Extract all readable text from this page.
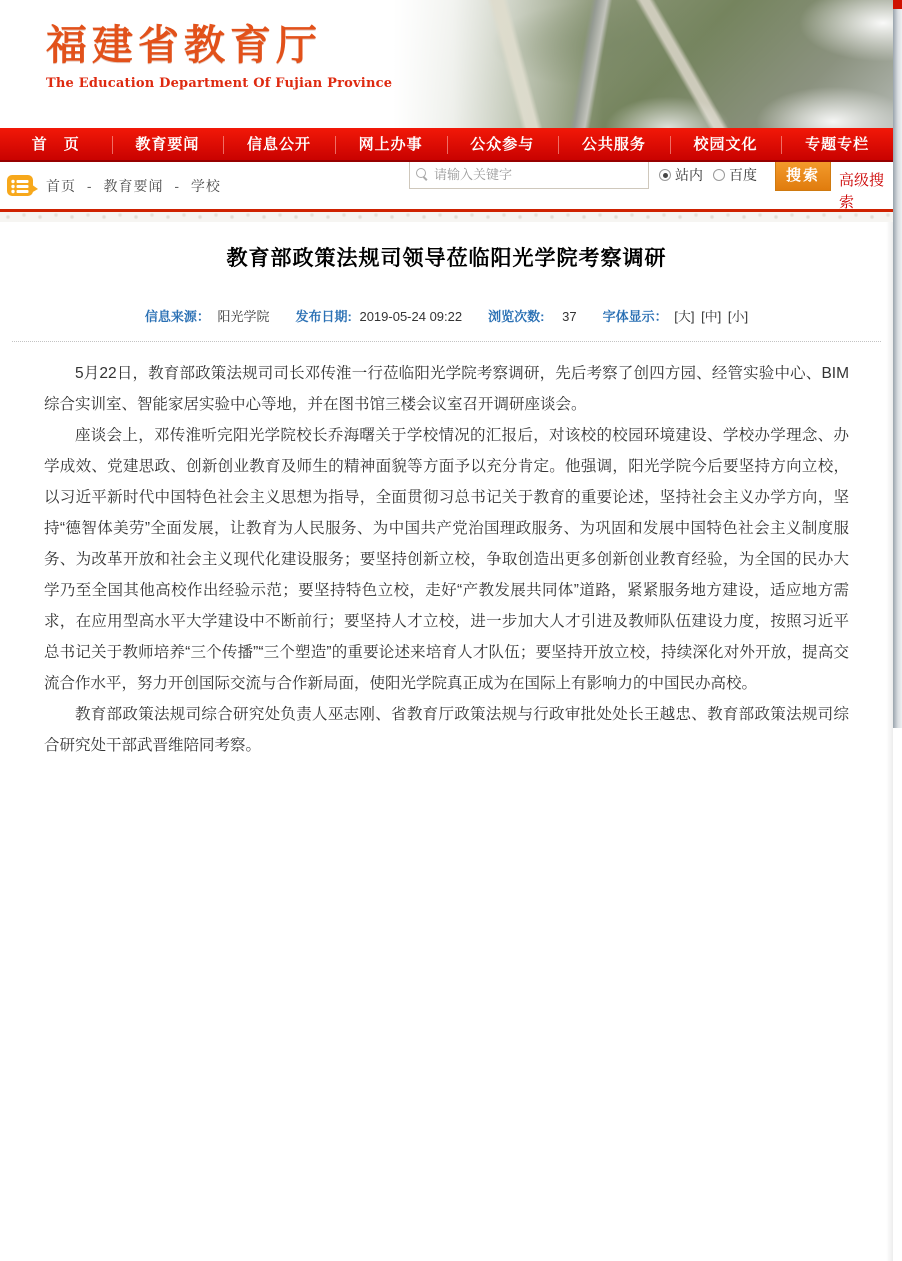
福建省教育厅
The Education Department Of Fujian Province
首　页	教育要闻	信息公开	网上办事	公众参与	公共服务	校园文化	专题专栏
首页 - 教育要闻 - 学校
请输入关键字
站内 百度	搜索	高级搜索
教育部政策法规司领导莅临阳光学院考察调研
信息来源： 阳光学院 发布日期: 2019-05-24 09:22 浏览次数: 37 字体显示： [大] [中] [小]

5月22日，教育部政策法规司司长邓传淮一行莅临阳光学院考察调研，先后考察了创四方园、经管实验中心、BIM综合实训室、智能家居实验中心等地，并在图书馆三楼会议室召开调研座谈会。

座谈会上，邓传淮听完阳光学院校长乔海曙关于学校情况的汇报后，对该校的校园环境建设、学校办学理念、办学成效、党建思政、创新创业教育及师生的精神面貌等方面予以充分肯定。他强调，阳光学院今后要坚持方向立校，以习近平新时代中国特色社会主义思想为指导，全面贯彻习总书记关于教育的重要论述，坚持社会主义办学方向，坚持“德智体美劳”全面发展，让教育为人民服务、为中国共产党治国理政服务、为巩固和发展中国特色社会主义制度服务、为改革开放和社会主义现代化建设服务；要坚持创新立校，争取创造出更多创新创业教育经验，为全国的民办大学乃至全国其他高校作出经验示范；要坚持特色立校，走好“产教发展共同体”道路，紧紧服务地方建设，适应地方需求，在应用型高水平大学建设中不断前行；要坚持人才立校，进一步加大人才引进及教师队伍建设力度，按照习近平总书记关于教师培养“三个传播”“三个塑造”的重要论述来培育人才队伍；要坚持开放立校，持续深化对外开放，提高交流合作水平，努力开创国际交流与合作新局面，使阳光学院真正成为在国际上有影响力的中国民办高校。

教育部政策法规司综合研究处负责人巫志刚、省教育厅政策法规与行政审批处处长王越忠、教育部政策法规司综合研究处干部武晋维陪同考察。
